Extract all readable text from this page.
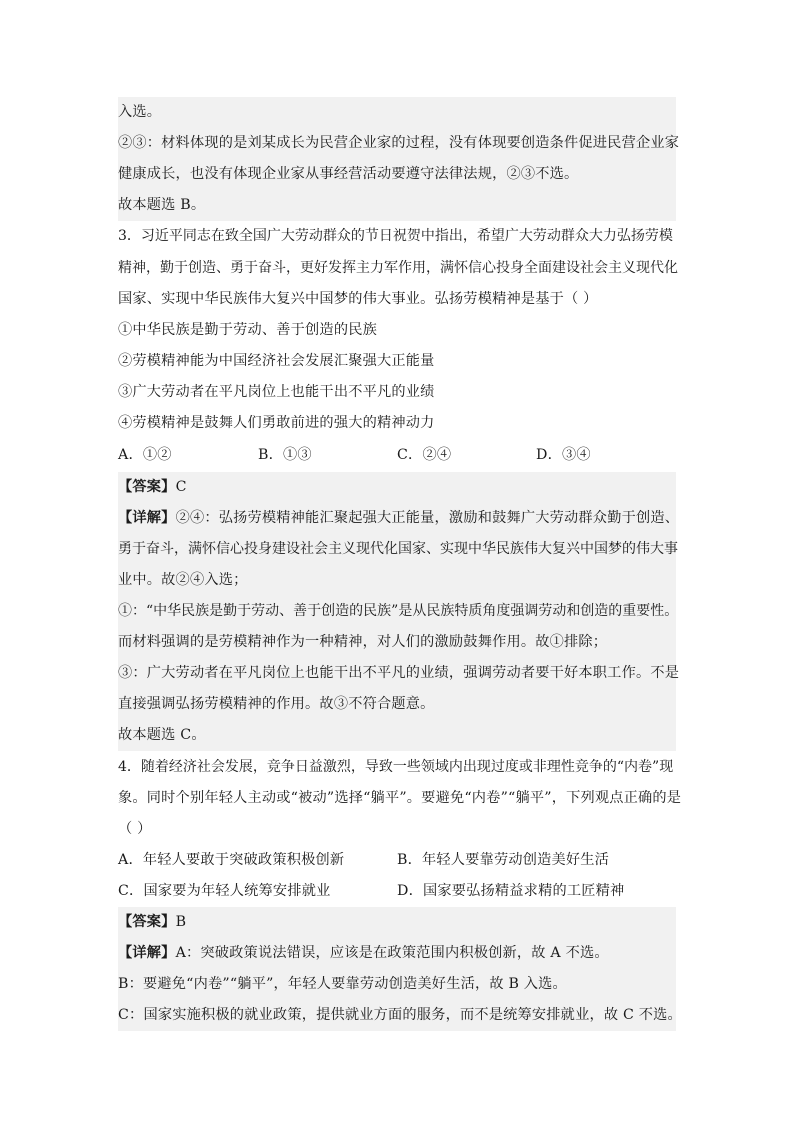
入选。
②③：材料体现的是刘某成长为民营企业家的过程，没有体现要创造条件促进民营企业家
健康成长，也没有体现企业家从事经营活动要遵守法律法规，②③不选。
故本题选 B。
3．习近平同志在致全国广大劳动群众的节日祝贺中指出，希望广大劳动群众大力弘扬劳模
精神，勤于创造、勇于奋斗，更好发挥主力军作用，满怀信心投身全面建设社会主义现代化
国家、实现中华民族伟大复兴中国梦的伟大事业。弘扬劳模精神是基于（ ）
①中华民族是勤于劳动、善于创造的民族
②劳模精神能为中国经济社会发展汇聚强大正能量
③广大劳动者在平凡岗位上也能干出不平凡的业绩
④劳模精神是鼓舞人们勇敢前进的强大的精神动力
A．①②	B．①③	C．②④	D．③④
【答案】C
【详解】②④：弘扬劳模精神能汇聚起强大正能量，激励和鼓舞广大劳动群众勤于创造、
勇于奋斗，满怀信心投身建设社会主义现代化国家、实现中华民族伟大复兴中国梦的伟大事
业中。故②④入选；
①：“中华民族是勤于劳动、善于创造的民族”是从民族特质角度强调劳动和创造的重要性。
而材料强调的是劳模精神作为一种精神，对人们的激励鼓舞作用。故①排除；
③：广大劳动者在平凡岗位上也能干出不平凡的业绩，强调劳动者要干好本职工作。不是
直接强调弘扬劳模精神的作用。故③不符合题意。
故本题选 C。
4．随着经济社会发展，竞争日益激烈，导致一些领域内出现过度或非理性竞争的“内卷”现
象。同时个别年轻人主动或“被动”选择“躺平”。要避免“内卷”“躺平”，下列观点正确的是
（ ）
A．年轻人要敢于突破政策积极创新	B．年轻人要靠劳动创造美好生活
C．国家要为年轻人统筹安排就业	D．国家要弘扬精益求精的工匠精神
【答案】B
【详解】A：突破政策说法错误，应该是在政策范围内积极创新，故 A 不选。
B：要避免“内卷”“躺平”，年轻人要靠劳动创造美好生活，故 B 入选。
C：国家实施积极的就业政策，提供就业方面的服务，而不是统筹安排就业，故 C 不选。
